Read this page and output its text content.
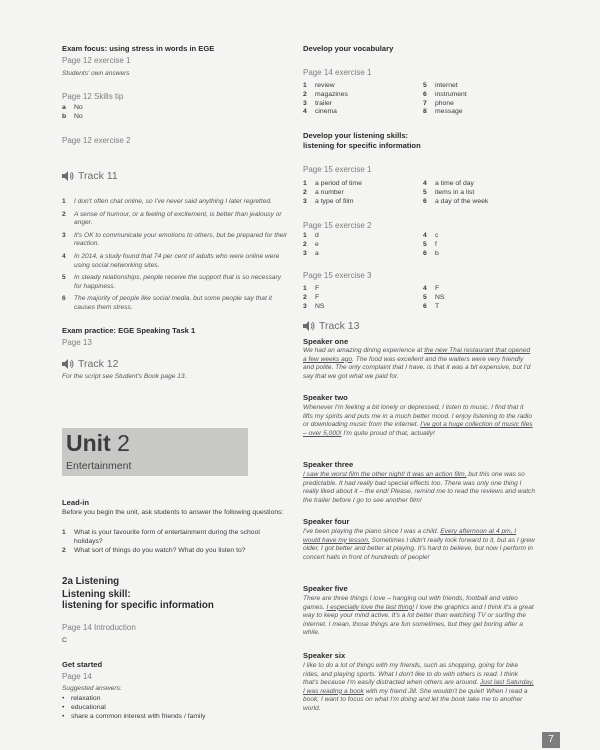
Exam focus: using stress in words in EGE
Page 12 exercise 1
Students' own answers
Page 12 Skills tip
a No
b No
Page 12 exercise 2
Track 11
1 I don't often chat online, so I've never said anything I later regretted.
2 A sense of humour, or a feeling of excitement, is better than jealousy or anger.
3 It's OK to communicate your emotions to others, but be prepared for their reaction.
4 In 2014, a study found that 74 per cent of adults who were online were using social networking sites.
5 In steady relationships, people receive the support that is so necessary for happiness.
6 The majority of people like social media, but some people say that it causes them stress.
Exam practice: EGE Speaking Task 1
Page 13
Track 12
For the script see Student's Book page 13.
Lead-in
Before you begin the unit, ask students to answer the following questions:
1 What is your favourite form of entertainment during the school holidays?
2 What sort of things do you watch? What do you listen to?
2a Listening
Listening skill:
listening for specific information
Page 14 Introduction
C
Get started
Page 14
Suggested answers:
• relaxation
• educational
• share a common interest with friends / family
Unit 2
Entertainment
Develop your vocabulary
Page 14 exercise 1
1 review	5 internet
2 magazines	6 instrument
3 trailer	7 phone
4 cinema	8 message
Develop your listening skills:
listening for specific information
Page 15 exercise 1
1 a period of time	4 a time of day
2 a number	5 items in a list
3 a type of film	6 a day of the week
Page 15 exercise 2
1 d	4 c
2 e	5 f
3 a	6 b
Page 15 exercise 3
1 F	4 F
2 F	5 NS
3 NS	6 T
Track 13
Speaker one
We had an amazing dining experience at the new Thai restaurant that opened a few weeks ago. The food was excellent and the waiters were very friendly and polite. The only complaint that I have, is that it was a bit expensive, but I'd say that we got what we paid for.
Speaker two
Whenever I'm feeling a bit lonely or depressed, I listen to music. I find that it lifts my spirits and puts me in a much better mood. I enjoy listening to the radio or downloading music from the internet. I've got a huge collection of music files – over 5,000! I'm quite proud of that, actually!
Speaker three
I saw the worst film the other night! It was an action film, but this one was so predictable. It had really bad special effects too. There was only one thing I really liked about it – the end! Please, remind me to read the reviews and watch the trailer before I go to see another film!
Speaker four
I've been playing the piano since I was a child. Every afternoon at 4 pm, I would have my lesson. Sometimes I didn't really look forward to it, but as I grew older, I got better and better at playing. It's hard to believe, but now I perform in concert halls in front of hundreds of people!
Speaker five
There are three things I love – hanging out with friends, football and video games. I especially love the last thing! I love the graphics and I think it's a great way to keep your mind active. It's a lot better than watching TV or surfing the internet. I mean, those things are fun sometimes, but they get boring after a while.
Speaker six
I like to do a lot of things with my friends, such as shopping, going for bike rides, and playing sports. What I don't like to do with others is read. I think that's because I'm easily distracted when others are around. Just last Saturday, I was reading a book with my friend Jill. She wouldn't be quiet! When I read a book, I want to focus on what I'm doing and let the book take me to another world.
7
